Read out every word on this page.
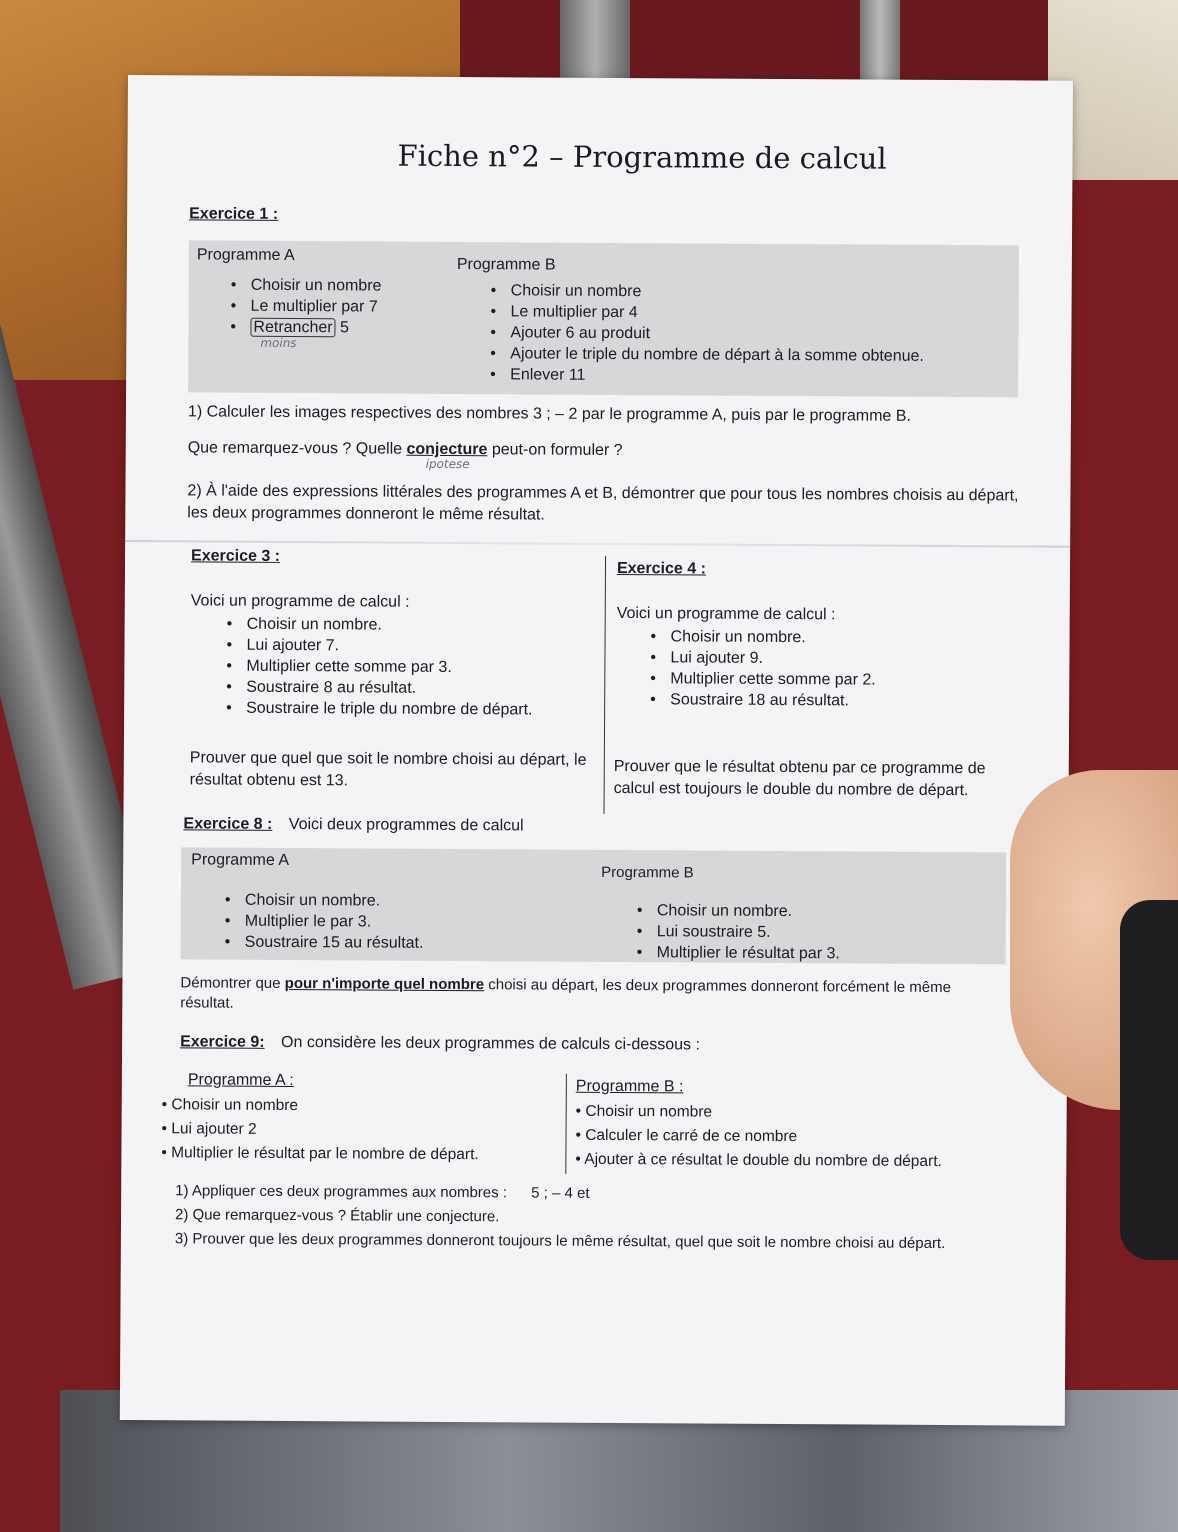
Fiche n°2 – Programme de calcul
Exercice 1 :
Programme A
• Choisir un nombre
• Le multiplier par 7
• Retrancher 5
moins
Programme B
• Choisir un nombre
• Le multiplier par 4
• Ajouter 6 au produit
• Ajouter le triple du nombre de départ à la somme obtenue.
• Enlever 11
1) Calculer les images respectives des nombres 3 ; – 2 par le programme A, puis par le programme B.
Que remarquez-vous ? Quelle conjecture peut-on formuler ?
ipotese
2) À l'aide des expressions littérales des programmes A et B, démontrer que pour tous les nombres choisis au départ, les deux programmes donneront le même résultat.
Exercice 3 :
Voici un programme de calcul :
• Choisir un nombre.
• Lui ajouter 7.
• Multiplier cette somme par 3.
• Soustraire 8 au résultat.
• Soustraire le triple du nombre de départ.
Prouver que quel que soit le nombre choisi au départ, le résultat obtenu est 13.
Exercice 4 :
Voici un programme de calcul :
• Choisir un nombre.
• Lui ajouter 9.
• Multiplier cette somme par 2.
• Soustraire 18 au résultat.
Prouver que le résultat obtenu par ce programme de calcul est toujours le double du nombre de départ.
Exercice 8 : Voici deux programmes de calcul
Programme A
• Choisir un nombre.
• Multiplier le par 3.
• Soustraire 15 au résultat.
Programme B
• Choisir un nombre.
• Lui soustraire 5.
• Multiplier le résultat par 3.
Démontrer que pour n'importe quel nombre choisi au départ, les deux programmes donneront forcément le même résultat.
Exercice 9: On considère les deux programmes de calculs ci-dessous :
Programme A :
• Choisir un nombre
• Lui ajouter 2
• Multiplier le résultat par le nombre de départ.
Programme B :
• Choisir un nombre
• Calculer le carré de ce nombre
• Ajouter à ce résultat le double du nombre de départ.
1) Appliquer ces deux programmes aux nombres : 5 ; – 4 et
2) Que remarquez-vous ? Établir une conjecture.
3) Prouver que les deux programmes donneront toujours le même résultat, quel que soit le nombre choisi au départ.
